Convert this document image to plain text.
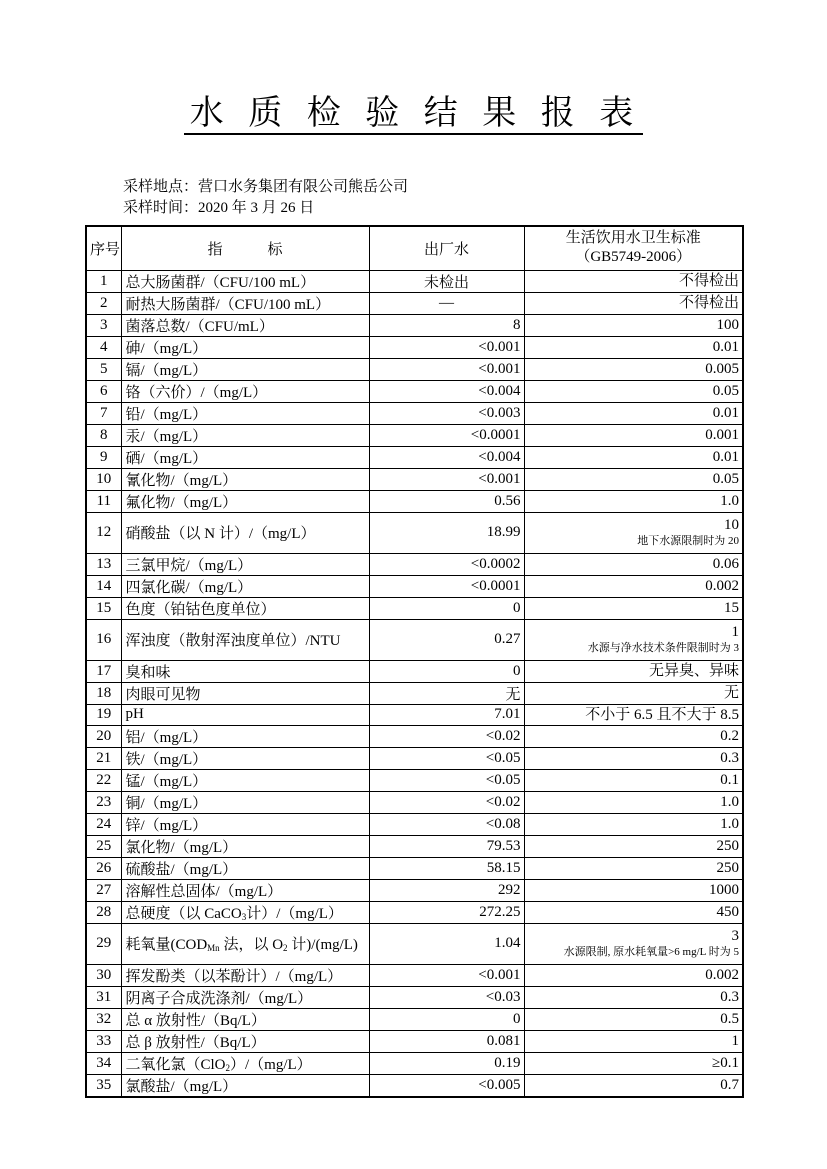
水 质 检 验 结 果 报 表
采样地点：营口水务集团有限公司熊岳公司
采样时间：2020 年 3 月 26 日
序号	指　　　标	出厂水	生活饮用水卫生标准
（GB5749-2006）

1	总大肠菌群/（CFU/100 mL）	未检出	不得检出

2	耐热大肠菌群/（CFU/100 mL）	—	不得检出

3	菌落总数/（CFU/mL）	8	100

4	砷/（mg/L）	<0.001	0.01

5	镉/（mg/L）	<0.001	0.005

6	铬（六价）/（mg/L）	<0.004	0.05

7	铅/（mg/L）	<0.003	0.01

8	汞/（mg/L）	<0.0001	0.001

9	硒/（mg/L）	<0.004	0.01

10	氰化物/（mg/L）	<0.001	0.05

11	氟化物/（mg/L）	0.56	1.0

12	硝酸盐（以 N 计）/（mg/L）	18.99	10
地下水源限制时为 20

13	三氯甲烷/（mg/L）	<0.0002	0.06

14	四氯化碳/（mg/L）	<0.0001	0.002

15	色度（铂钴色度单位）	0	15

16	浑浊度（散射浑浊度单位）/NTU	0.27	1
水源与净水技术条件限制时为 3

17	臭和味	0	无异臭、异味

18	肉眼可见物	无	无

19	pH	7.01	不小于 6.5 且不大于 8.5

20	铝/（mg/L）	<0.02	0.2

21	铁/（mg/L）	<0.05	0.3

22	锰/（mg/L）	<0.05	0.1

23	铜/（mg/L）	<0.02	1.0

24	锌/（mg/L）	<0.08	1.0

25	氯化物/（mg/L）	79.53	250

26	硫酸盐/（mg/L）	58.15	250

27	溶解性总固体/（mg/L）	292	1000

28	总硬度（以 CaCO$_3$计）/（mg/L）	272.25	450

29	耗氧量($COD_{Mn}$ 法，以 $O_2$ 计)/(mg/L)	1.04	3
水源限制, 原水耗氧量>6 mg/L 时为 5

30	挥发酚类（以苯酚计）/（mg/L）	<0.001	0.002

31	阴离子合成洗涤剂/（mg/L）	<0.03	0.3

32	总 α 放射性/（Bq/L）	0	0.5

33	总 β 放射性/（Bq/L）	0.081	1

34	二氧化氯（ClO$_2$）/（mg/L）	0.19	≥0.1

35	氯酸盐/（mg/L）	<0.005	0.7
